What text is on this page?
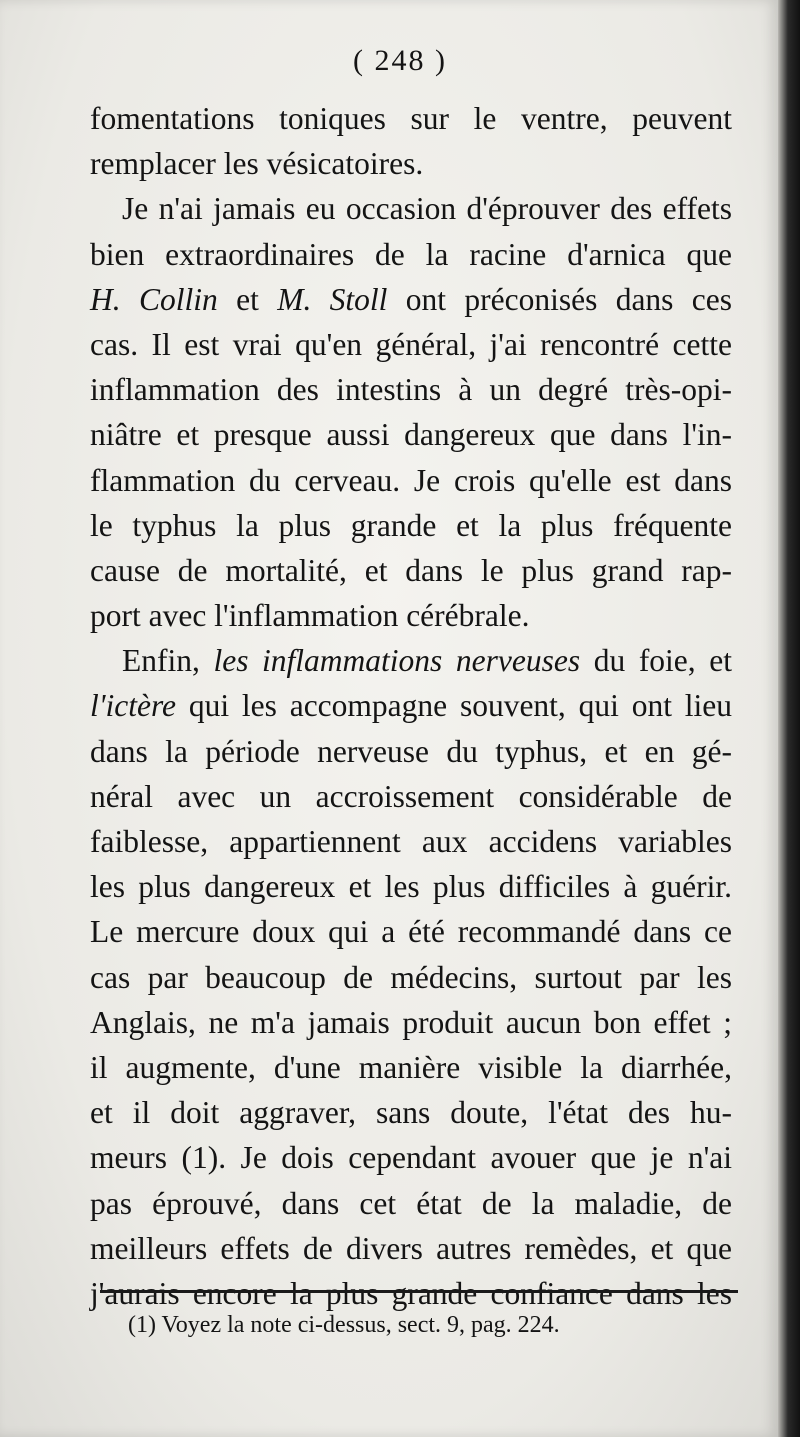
( 248 )
fomentations toniques sur le ventre, peuvent
remplacer les vésicatoires.
Je n'ai jamais eu occasion d'éprouver des effets
bien extraordinaires de la racine d'arnica que
H. Collin et M. Stoll ont préconisés dans ces
cas. Il est vrai qu'en général, j'ai rencontré cette
inflammation des intestins à un degré très-opi-
niâtre et presque aussi dangereux que dans l'in-
flammation du cerveau. Je crois qu'elle est dans
le typhus la plus grande et la plus fréquente
cause de mortalité, et dans le plus grand rap-
port avec l'inflammation cérébrale.
Enfin, les inflammations nerveuses du foie, et
l'ictère qui les accompagne souvent, qui ont lieu
dans la période nerveuse du typhus, et en gé-
néral avec un accroissement considérable de
faiblesse, appartiennent aux accidens variables
les plus dangereux et les plus difficiles à guérir.
Le mercure doux qui a été recommandé dans ce
cas par beaucoup de médecins, surtout par les
Anglais, ne m'a jamais produit aucun bon effet ;
il augmente, d'une manière visible la diarrhée,
et il doit aggraver, sans doute, l'état des hu-
meurs (1). Je dois cependant avouer que je n'ai
pas éprouvé, dans cet état de la maladie, de
meilleurs effets de divers autres remèdes, et que
j'aurais encore la plus grande confiance dans les
(1) Voyez la note ci-dessus, sect. 9, pag. 224.
